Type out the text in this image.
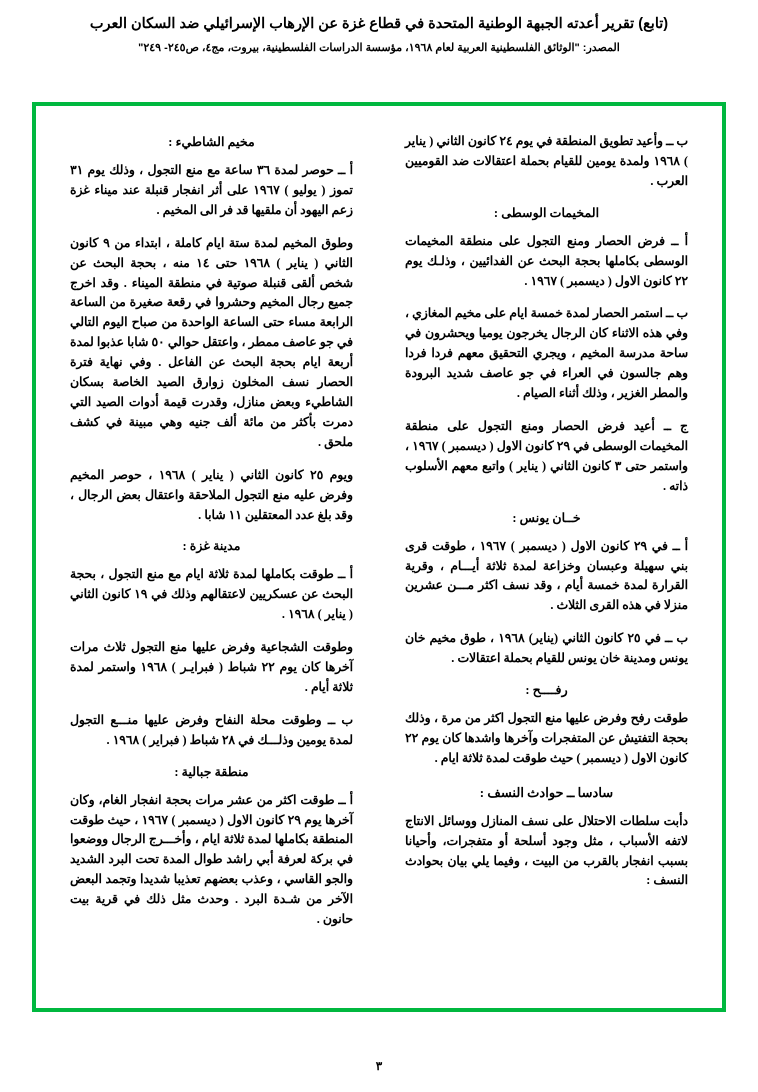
(تابع) تقرير أعدته الجبهة الوطنية المتحدة في قطاع غزة عن الإرهاب الإسرائيلي ضد السكان العرب
المصدر: "الوثائق الفلسطينية العربية لعام ١٩٦٨، مؤسسة الدراسات الفلسطينية، بيروت، مج٤، ص٢٤٥- ٢٤٩"

ب ــ وأعيد تطويق المنطقة في يوم ٢٤ كانون الثاني ( يناير ) ١٩٦٨ ولمدة يومين للقيام بحملة اعتقالات ضد القوميين العرب .

المخيمات الوسطى :

أ ــ فرض الحصار ومنع التجول على منطقة المخيمات الوسطى بكاملها بحجة البحث عن الفدائيين ، وذلـك يوم ٢٢ كانون الاول ( ديسمبر ) ١٩٦٧ .

ب ــ استمر الحصار لمدة خمسة ايام على مخيم المغازي ، وفي هذه الاثناء كان الرجال يخرجون يوميا ويحشرون في ساحة مدرسة المخيم ، ويجري التحقيق معهم فردا فردا وهم جالسون في العراء في جو عاصف شديد البرودة والمطر الغزير ، وذلك أثناء الصيام .

ج ــ أعيد فرض الحصار ومنع التجول على منطقة المخيمات الوسطى في ٢٩ كانون الاول ( ديسمبر ) ١٩٦٧ ، واستمر حتى ٣ كانون الثاني ( يناير ) واتبع معهم الأسلوب ذاته .

خــان يونس :

أ ــ في ٢٩ كانون الاول ( ديسمبر ) ١٩٦٧ ، طوقت قرى بني سهيلة وعبسان وخزاعة لمدة ثلاثة أيـــام ، وقرية القرارة لمدة خمسة أيام ، وقد نسف اكثر مـــن عشرين منزلا في هذه القرى الثلاث .

ب ــ في ٢٥ كانون الثاني (يناير) ١٩٦٨ ، طوق مخيم خان يونس ومدينة خان يونس للقيام بحملة اعتقالات .

رفــــح :

طوقت رفح وفرض عليها منع التجول اكثر من مرة ، وذلك بحجة التفتيش عن المتفجرات وآخرها واشدها كان يوم ٢٢ كانون الاول ( ديسمبر ) حيث طوقت لمدة ثلاثة ايام .

سادسا ــ حوادث النسف :

دأبت سلطات الاحتلال على نسف المنازل ووسائل الانتاج لاتفه الأسباب ، مثل وجود أسلحة أو متفجرات، وأحيانا بسبب انفجار بالقرب من البيت ، وفيما يلي بيان بحوادث النسف :

مخيم الشاطيء :

أ ــ حوصر لمدة ٣٦ ساعة مع منع التجول ، وذلك يوم ٣١ تموز ( يوليو ) ١٩٦٧ على أثر انفجار قنبلة عند ميناء غزة زعم اليهود أن ملقيها قد فر الى المخيم .

وطوق المخيم لمدة ستة ايام كاملة ، ابتداء من ٩ كانون الثاني ( يناير ) ١٩٦٨ حتى ١٤ منه ، بحجة البحث عن شخص ألقى قنبلة صوتية في منطقة الميناء . وقد اخرج جميع رجال المخيم وحشروا في رقعة صغيرة من الساعة الرابعة مساء حتى الساعة الواحدة من صباح اليوم التالي في جو عاصف ممطر ، واعتقل حوالي ٥٠ شابا عذبوا لمدة أربعة ايام بحجة البحث عن الفاعل . وفي نهاية فترة الحصار نسف المخلون زوارق الصيد الخاصة بسكان الشاطيء وبعض منازل، وقدرت قيمة أدوات الصيد التي دمرت بأكثر من مائة ألف جنيه وهي مبينة في كشف ملحق .

ويوم ٢٥ كانون الثاني ( يناير ) ١٩٦٨ ، حوصر المخيم وفرض عليه منع التجول الملاحقة واعتقال بعض الرجال ، وقد بلغ عدد المعتقلين ١١ شابا .

مدينة غزة :

أ ــ طوقت بكاملها لمدة ثلاثة ايام مع منع التجول ، بحجة البحث عن عسكريين لاعتقالهم وذلك في ١٩ كانون الثاني ( يناير ) ١٩٦٨ .

وطوقت الشجاعية وفرض عليها منع التجول ثلاث مرات آخرها كان يوم ٢٢ شباط ( فبرايـر ) ١٩٦٨ واستمر لمدة ثلاثة أيام .

ب ــ وطوقت محلة النفاح وفرض عليها منـــع التجول لمدة يومين وذلـــك في ٢٨ شباط ( فبراير ) ١٩٦٨ .

منطقة جبالية :

أ ــ طوقت اكثر من عشر مرات بحجة انفجار الغام، وكان آخرها يوم ٢٩ كانون الاول ( ديسمبر ) ١٩٦٧ ، حيث طوقت المنطقة بكاملها لمدة ثلاثة ايام ، وأخـــرج الرجال ووضعوا في بركة لعرفة أبي راشد طوال المدة تحت البرد الشديد والجو القاسي ، وعذب بعضهم تعذيبا شديدا وتجمد البعض الآخر من شـدة البرد . وحدث مثل ذلك في قرية بيت حانون .

٣
